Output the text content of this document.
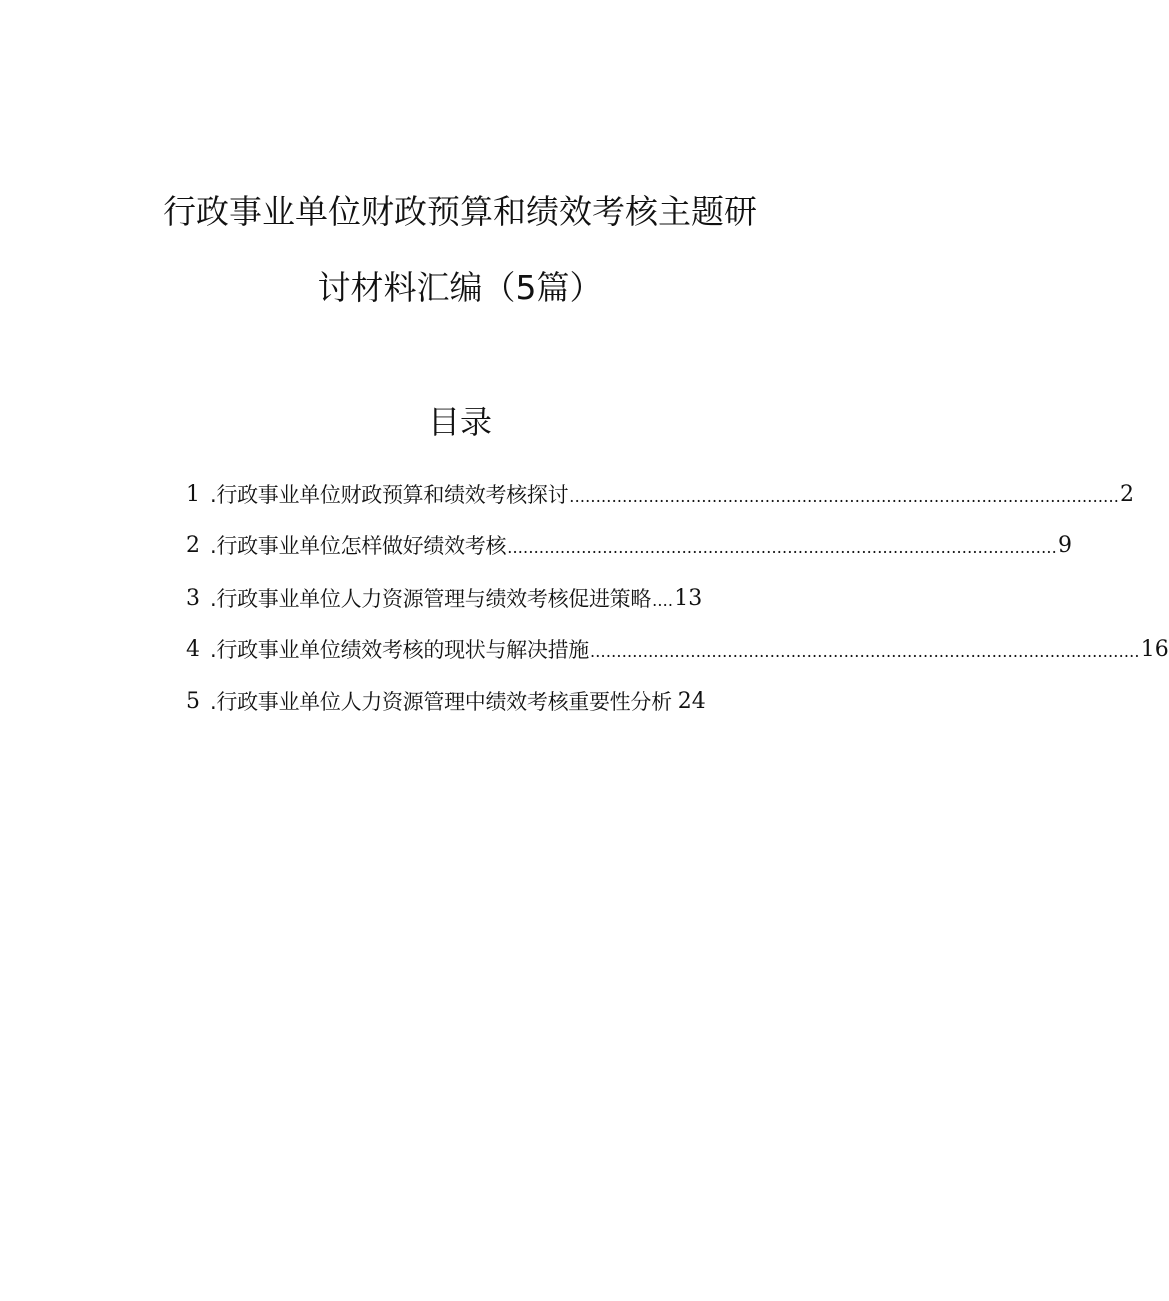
行政事业单位财政预算和绩效考核主题研
讨材料汇编（5篇）
目录
1 .行政事业单位财政预算和绩效考核探讨 ........................................................................................................ 2
2 .行政事业单位怎样做好绩效考核 ........................................................................................................ 9
3 .行政事业单位人力资源管理与绩效考核促进策略 .... 13
4 .行政事业单位绩效考核的现状与解决措施 ........................................................................................................ 16
5 .行政事业单位人力资源管理中绩效考核重要性分析 24
